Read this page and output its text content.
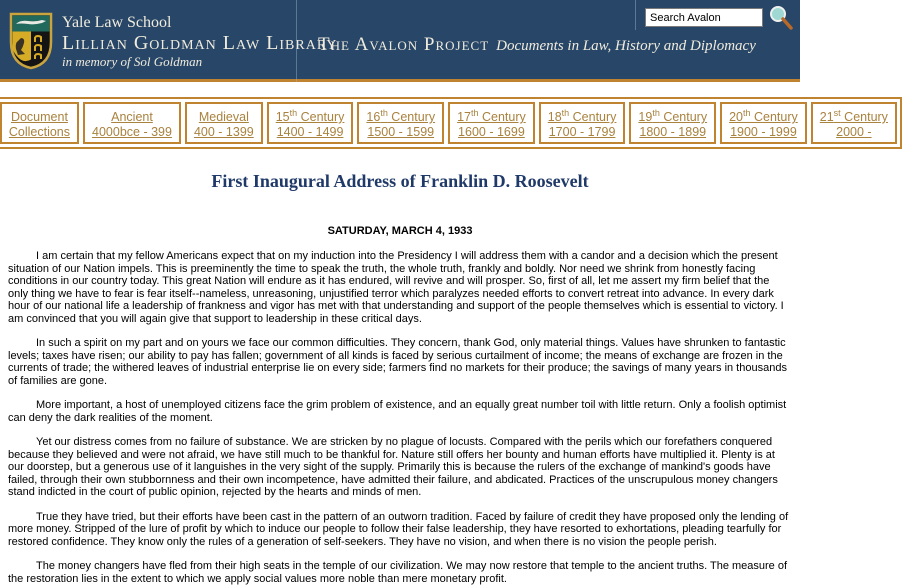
Yale Law School
Lillian Goldman Law Library
in memory of Sol Goldman
The Avalon Project Documents in Law, History and Diplomacy
Search Avalon
Document
Collections
Ancient
4000bce - 399
Medieval
400 - 1399
15th Century
1400 - 1499
16th Century
1500 - 1599
17th Century
1600 - 1699
18th Century
1700 - 1799
19th Century
1800 - 1899
20th Century
1900 - 1999
21st Century
2000 -
First Inaugural Address of Franklin D. Roosevelt
SATURDAY, MARCH 4, 1933

I am certain that my fellow Americans expect that on my induction into the Presidency I will address them with a candor and a decision which the present situation of our Nation impels. This is preeminently the time to speak the truth, the whole truth, frankly and boldly. Nor need we shrink from honestly facing conditions in our country today. This great Nation will endure as it has endured, will revive and will prosper. So, first of all, let me assert my firm belief that the only thing we have to fear is fear itself--nameless, unreasoning, unjustified terror which paralyzes needed efforts to convert retreat into advance. In every dark hour of our national life a leadership of frankness and vigor has met with that understanding and support of the people themselves which is essential to victory. I am convinced that you will again give that support to leadership in these critical days.

In such a spirit on my part and on yours we face our common difficulties. They concern, thank God, only material things. Values have shrunken to fantastic levels; taxes have risen; our ability to pay has fallen; government of all kinds is faced by serious curtailment of income; the means of exchange are frozen in the currents of trade; the withered leaves of industrial enterprise lie on every side; farmers find no markets for their produce; the savings of many years in thousands of families are gone.

More important, a host of unemployed citizens face the grim problem of existence, and an equally great number toil with little return. Only a foolish optimist can deny the dark realities of the moment.

Yet our distress comes from no failure of substance. We are stricken by no plague of locusts. Compared with the perils which our forefathers conquered because they believed and were not afraid, we have still much to be thankful for. Nature still offers her bounty and human efforts have multiplied it. Plenty is at our doorstep, but a generous use of it languishes in the very sight of the supply. Primarily this is because the rulers of the exchange of mankind's goods have failed, through their own stubbornness and their own incompetence, have admitted their failure, and abdicated. Practices of the unscrupulous money changers stand indicted in the court of public opinion, rejected by the hearts and minds of men.

True they have tried, but their efforts have been cast in the pattern of an outworn tradition. Faced by failure of credit they have proposed only the lending of more money. Stripped of the lure of profit by which to induce our people to follow their false leadership, they have resorted to exhortations, pleading tearfully for restored confidence. They know only the rules of a generation of self-seekers. They have no vision, and when there is no vision the people perish.

The money changers have fled from their high seats in the temple of our civilization. We may now restore that temple to the ancient truths. The measure of the restoration lies in the extent to which we apply social values more noble than mere monetary profit.
